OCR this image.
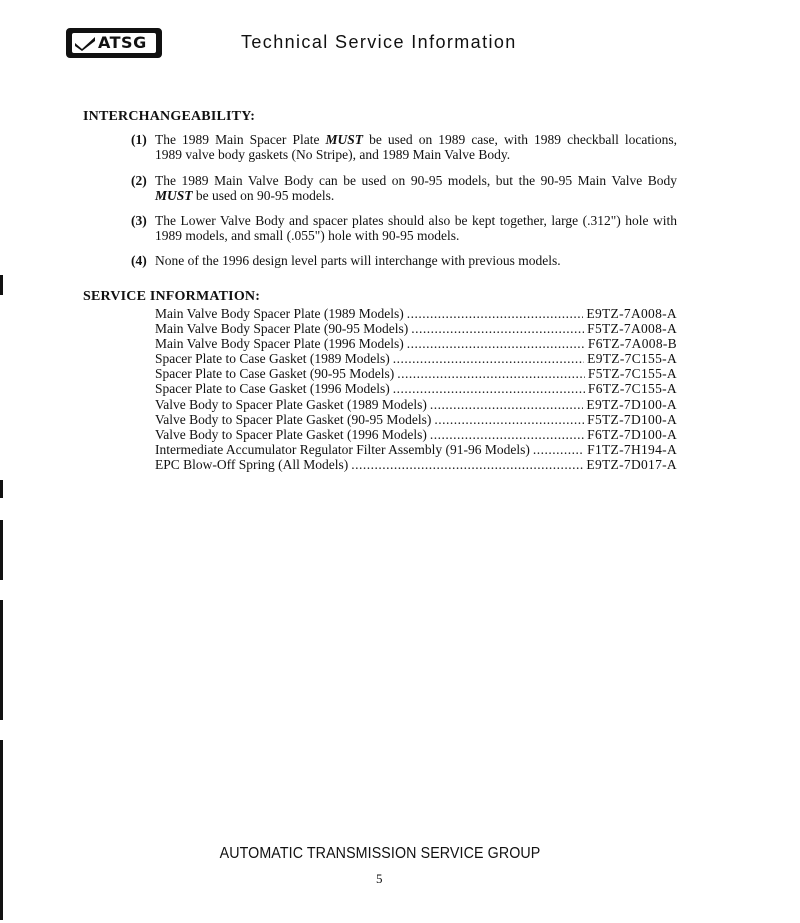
ATSG	Technical Service Information
INTERCHANGEABILITY:
(1) The 1989 Main Spacer Plate MUST be used on 1989 case, with 1989 checkball locations,
1989 valve body gaskets (No Stripe), and 1989 Main Valve Body.
(2) The 1989 Main Valve Body can be used on 90-95 models, but the 90-95 Main Valve Body
MUST be used on 90-95 models.
(3) The Lower Valve Body and spacer plates should also be kept together, large (.312") hole with
1989 models, and small (.055") hole with 90-95 models.
(4) None of the 1996 design level parts will interchange with previous models.
SERVICE INFORMATION:
Main Valve Body Spacer Plate (1989 Models) .....	E9TZ-7A008-A
Main Valve Body Spacer Plate (90-95 Models) .....	F5TZ-7A008-A
Main Valve Body Spacer Plate (1996 Models) .....	F6TZ-7A008-B
Spacer Plate to Case Gasket (1989 Models) .....	E9TZ-7C155-A
Spacer Plate to Case Gasket (90-95 Models) .....	F5TZ-7C155-A
Spacer Plate to Case Gasket (1996 Models) .....	F6TZ-7C155-A
Valve Body to Spacer Plate Gasket (1989 Models) .....	E9TZ-7D100-A
Valve Body to Spacer Plate Gasket (90-95 Models) .....	F5TZ-7D100-A
Valve Body to Spacer Plate Gasket (1996 Models) .....	F6TZ-7D100-A
Intermediate Accumulator Regulator Filter Assembly (91-96 Models) .....	F1TZ-7H194-A
EPC Blow-Off Spring (All Models) .....	E9TZ-7D017-A
AUTOMATIC TRANSMISSION SERVICE GROUP
5
